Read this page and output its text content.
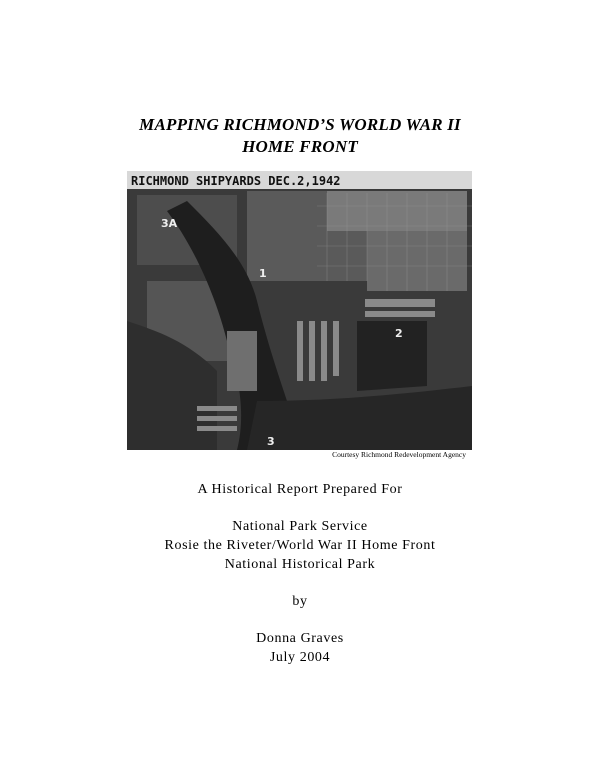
MAPPING RICHMOND’S WORLD WAR II
HOME FRONT
RICHMOND SHIPYARDS DEC.2,1942
3A
1
2
3
Courtesy Richmond Redevelopment Agency
A Historical Report Prepared For
National Park Service
Rosie the Riveter/World War II Home Front
National Historical Park
by
Donna Graves
July 2004
